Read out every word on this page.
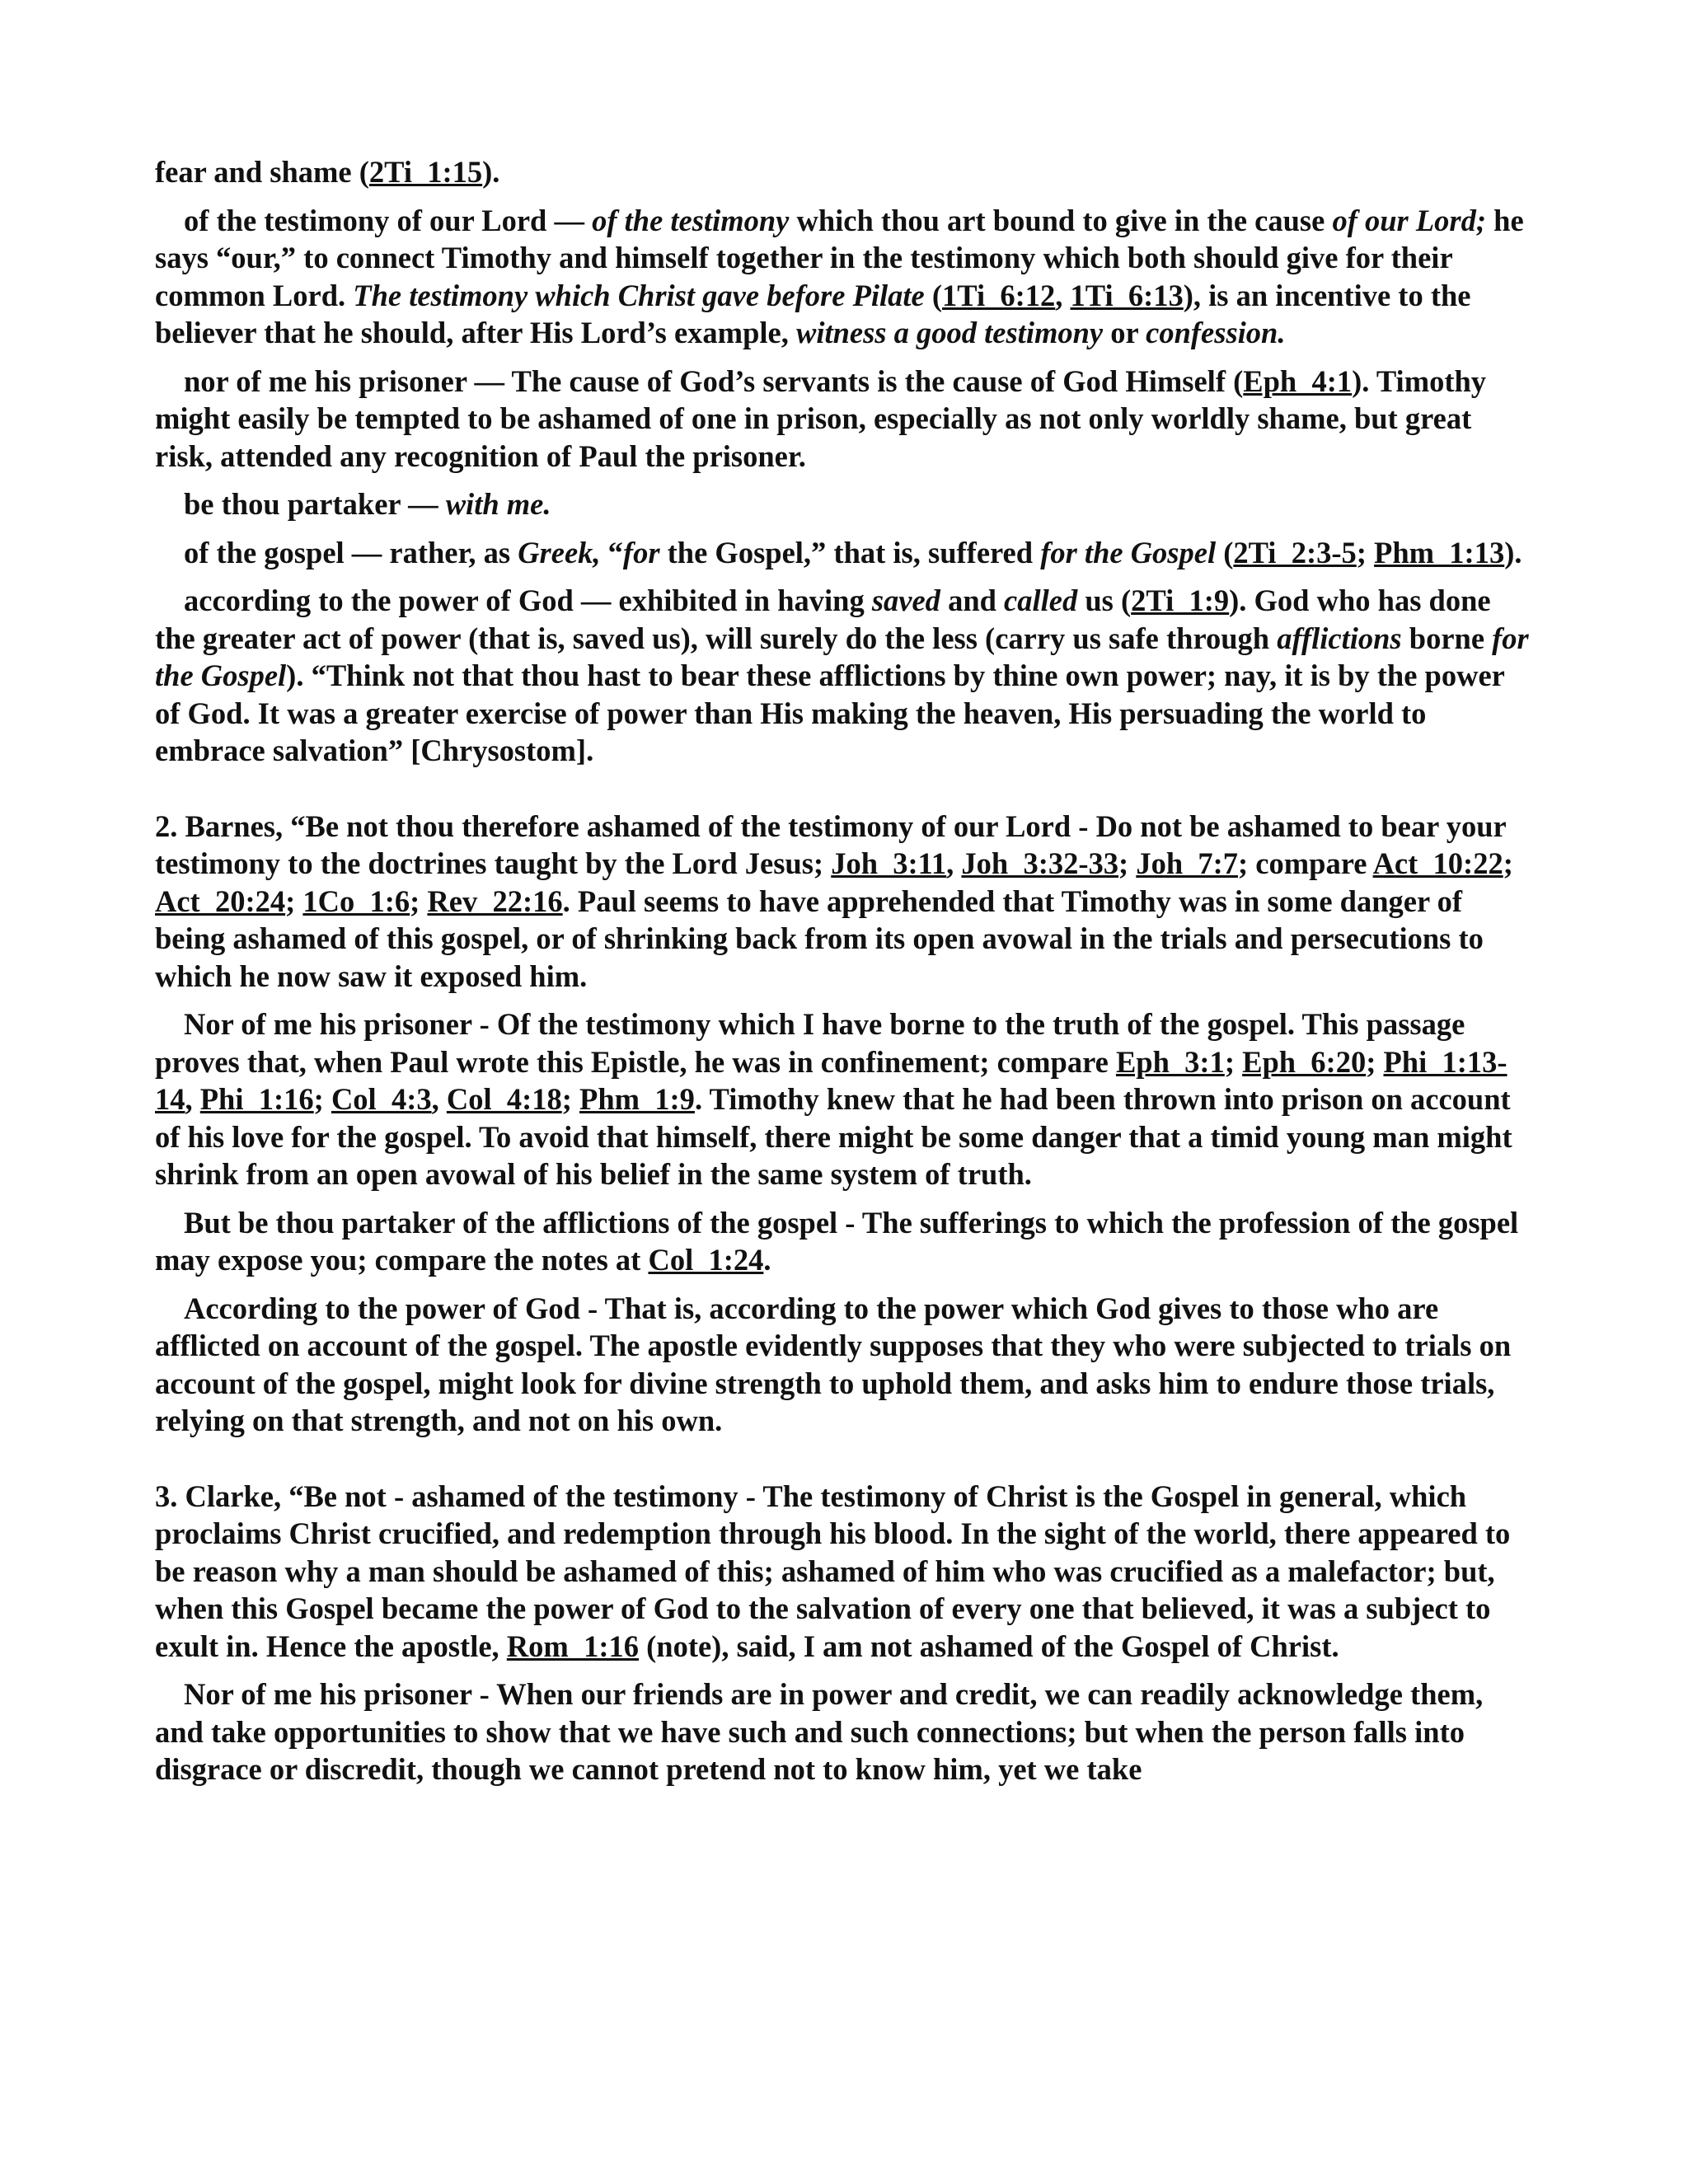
fear and shame (2Ti_1:15).

of the testimony of our Lord — of the testimony which thou art bound to give in the cause of our Lord; he says “our,” to connect Timothy and himself together in the testimony which both should give for their common Lord. The testimony which Christ gave before Pilate (1Ti_6:12, 1Ti_6:13), is an incentive to the believer that he should, after His Lord’s example, witness a good testimony or confession.

nor of me his prisoner — The cause of God’s servants is the cause of God Himself (Eph_4:1). Timothy might easily be tempted to be ashamed of one in prison, especially as not only worldly shame, but great risk, attended any recognition of Paul the prisoner.

be thou partaker — with me.

of the gospel — rather, as Greek, “for the Gospel,” that is, suffered for the Gospel (2Ti_2:3-5; Phm_1:13).

according to the power of God — exhibited in having saved and called us (2Ti_1:9). God who has done the greater act of power (that is, saved us), will surely do the less (carry us safe through afflictions borne for the Gospel). “Think not that thou hast to bear these afflictions by thine own power; nay, it is by the power of God. It was a greater exercise of power than His making the heaven, His persuading the world to embrace salvation” [Chrysostom].

2. Barnes, “Be not thou therefore ashamed of the testimony of our Lord - Do not be ashamed to bear your testimony to the doctrines taught by the Lord Jesus; Joh_3:11, Joh_3:32-33; Joh_7:7; compare Act_10:22; Act_20:24; 1Co_1:6; Rev_22:16. Paul seems to have apprehended that Timothy was in some danger of being ashamed of this gospel, or of shrinking back from its open avowal in the trials and persecutions to which he now saw it exposed him.

Nor of me his prisoner - Of the testimony which I have borne to the truth of the gospel. This passage proves that, when Paul wrote this Epistle, he was in confinement; compare Eph_3:1; Eph_6:20; Phi_1:13-14, Phi_1:16; Col_4:3, Col_4:18; Phm_1:9. Timothy knew that he had been thrown into prison on account of his love for the gospel. To avoid that himself, there might be some danger that a timid young man might shrink from an open avowal of his belief in the same system of truth.

But be thou partaker of the afflictions of the gospel - The sufferings to which the profession of the gospel may expose you; compare the notes at Col_1:24.

According to the power of God - That is, according to the power which God gives to those who are afflicted on account of the gospel. The apostle evidently supposes that they who were subjected to trials on account of the gospel, might look for divine strength to uphold them, and asks him to endure those trials, relying on that strength, and not on his own.

3. Clarke, “Be not - ashamed of the testimony - The testimony of Christ is the Gospel in general, which proclaims Christ crucified, and redemption through his blood. In the sight of the world, there appeared to be reason why a man should be ashamed of this; ashamed of him who was crucified as a malefactor; but, when this Gospel became the power of God to the salvation of every one that believed, it was a subject to exult in. Hence the apostle, Rom_1:16 (note), said, I am not ashamed of the Gospel of Christ.

Nor of me his prisoner - When our friends are in power and credit, we can readily acknowledge them, and take opportunities to show that we have such and such connections; but when the person falls into disgrace or discredit, though we cannot pretend not to know him, yet we take
